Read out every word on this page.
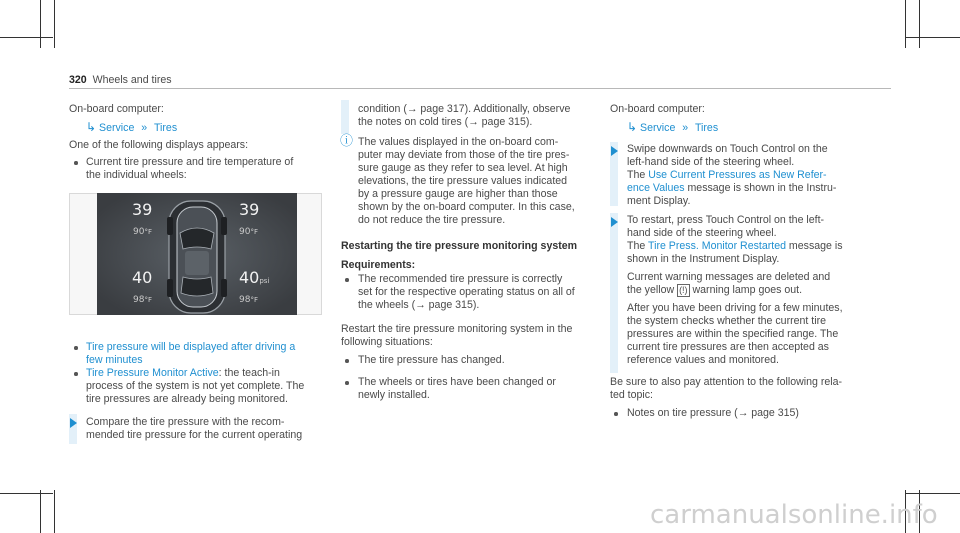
320 Wheels and tires
On-board computer:
↳ Service » Tires
One of the following displays appears:
Current tire pressure and tire temperature of
the individual wheels:
39
90°F
39
90°F
40
98°F
40psi
98°F
Tire pressure will be displayed after driving a
few minutes
Tire Pressure Monitor Active: the teach-in
process of the system is not yet complete. The
tire pressures are already being monitored.
Compare the tire pressure with the recom-
mended tire pressure for the current operating
condition (→ page 317). Additionally, observe
the notes on cold tires (→ page 315).
ⓘ The values displayed in the on-board com-
puter may deviate from those of the tire pres-
sure gauge as they refer to sea level. At high
elevations, the tire pressure values indicated
by a pressure gauge are higher than those
shown by the on-board computer. In this case,
do not reduce the tire pressure.
Restarting the tire pressure monitoring system
Requirements:
The recommended tire pressure is correctly
set for the respective operating status on all of
the wheels (→ page 315).
Restart the tire pressure monitoring system in the
following situations:
The tire pressure has changed.
The wheels or tires have been changed or
newly installed.
On-board computer:
↳ Service » Tires
Swipe downwards on Touch Control on the
left-hand side of the steering wheel.
The Use Current Pressures as New Refer-
ence Values message is shown in the Instru-
ment Display.
To restart, press Touch Control on the left-
hand side of the steering wheel.
The Tire Press. Monitor Restarted message is
shown in the Instrument Display.
Current warning messages are deleted and
the yellow (!) warning lamp goes out.
After you have been driving for a few minutes,
the system checks whether the current tire
pressures are within the specified range. The
current tire pressures are then accepted as
reference values and monitored.
Be sure to also pay attention to the following rela-
ted topic:
Notes on tire pressure (→ page 315)
carmanualsonline.info
